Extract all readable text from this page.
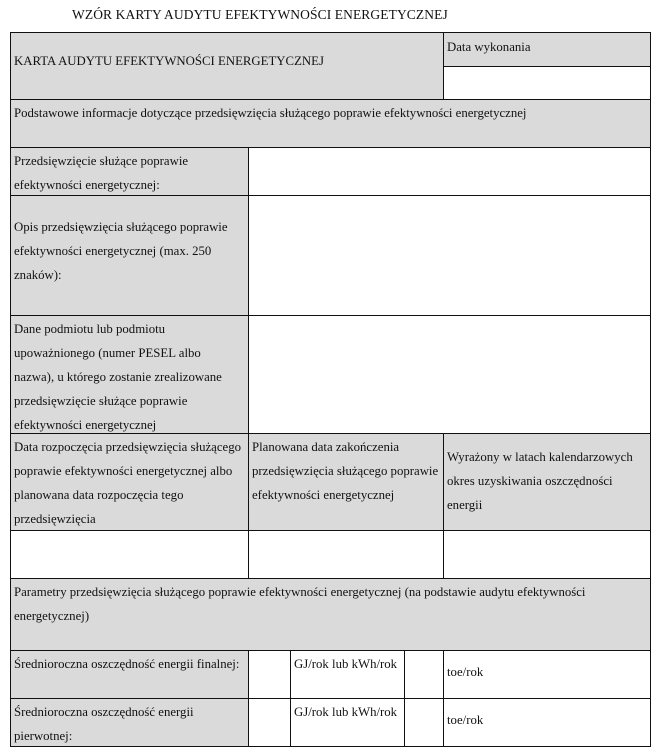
WZÓR KARTY AUDYTU EFEKTYWNOŚCI ENERGETYCZNEJ
KARTA AUDYTU EFEKTYWNOŚCI ENERGETYCZNEJ
Data wykonania
Podstawowe informacje dotyczące przedsięwzięcia służącego poprawie efektywności energetycznej
Przedsięwzięcie służące poprawie efektywności energetycznej:
Opis przedsięwzięcia służącego poprawie efektywności energetycznej (max. 250 znaków):
Dane podmiotu lub podmiotu upoważnionego (numer PESEL albo nazwa), u którego zostanie zrealizowane przedsięwzięcie służące poprawie efektywności energetycznej
Data rozpoczęcia przedsięwzięcia służącego poprawie efektywności energetycznej albo planowana data rozpoczęcia tego przedsięwzięcia
Planowana data zakończenia przedsięwzięcia służącego poprawie efektywności energetycznej
Wyrażony w latach kalendarzowych okres uzyskiwania oszczędności energii
Parametry przedsięwzięcia służącego poprawie efektywności energetycznej (na podstawie audytu efektywności energetycznej)
Średnioroczna oszczędność energii finalnej:	GJ/rok lub kWh/rok
toe/rok
Średnioroczna oszczędność energii pierwotnej:
GJ/rok lub kWh/rok
toe/rok
